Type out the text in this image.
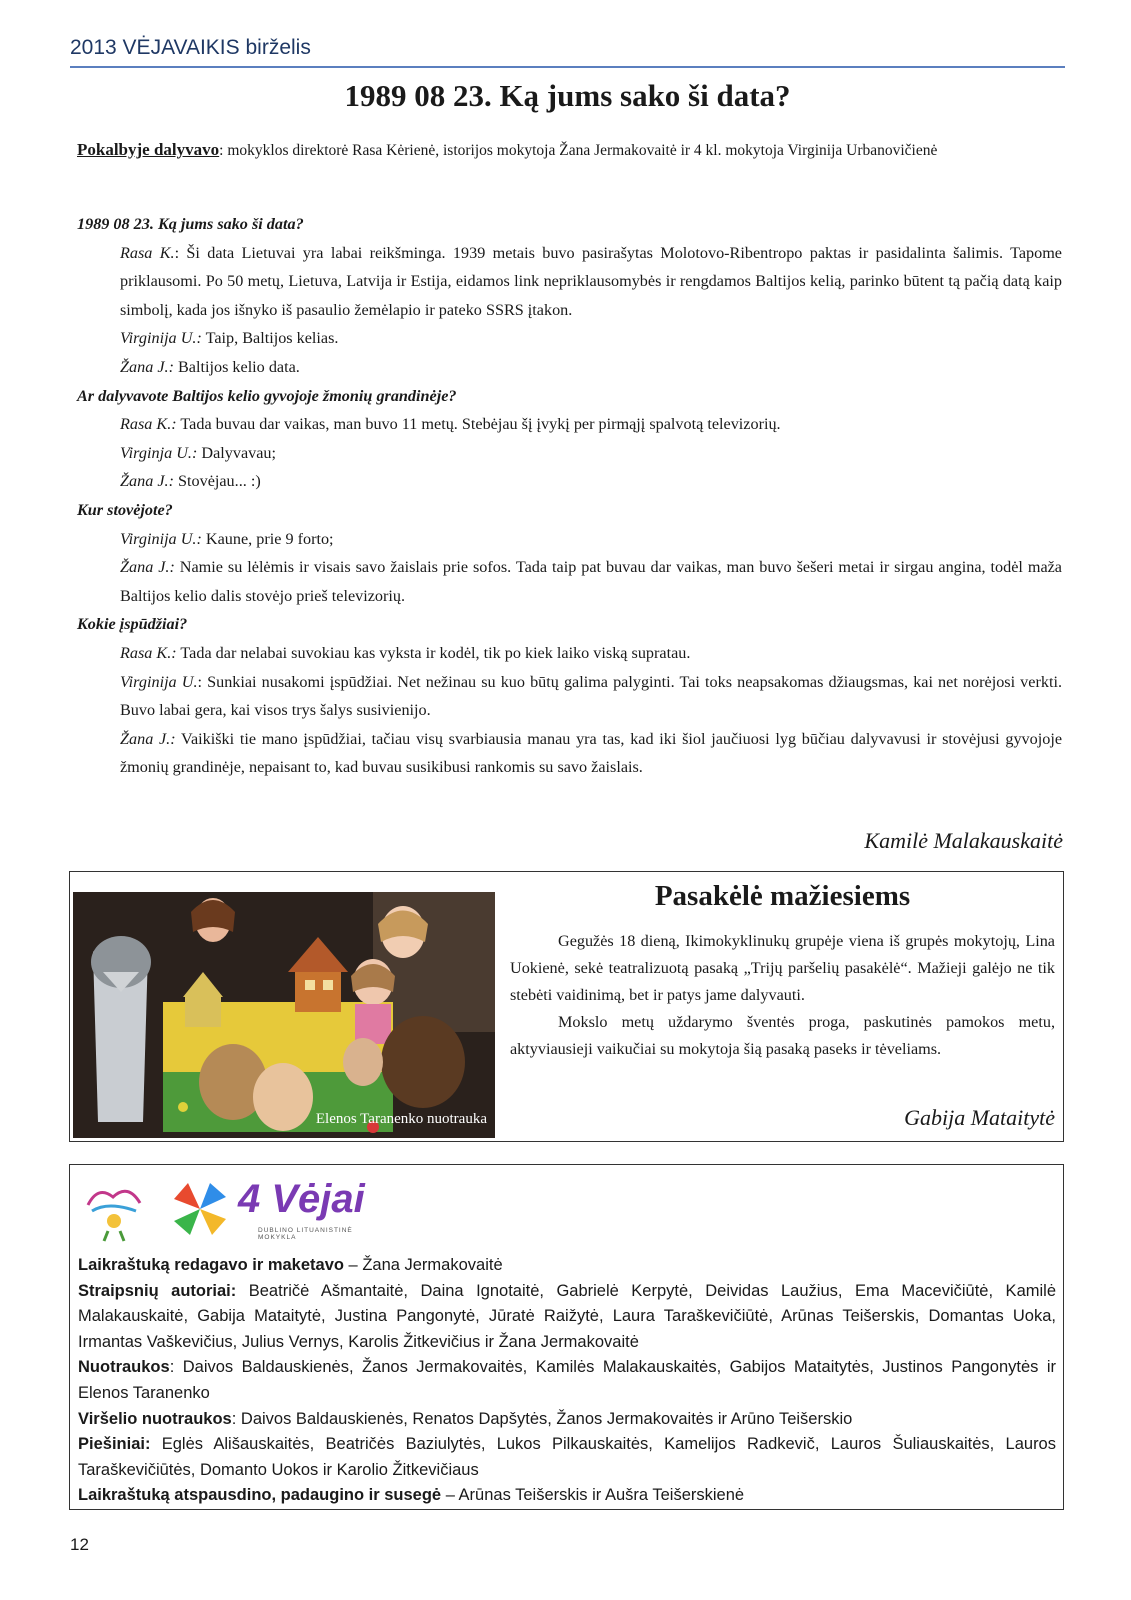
2013 VĖJAVAIKIS birželis
1989 08 23. Ką jums sako ši data?
Pokalbyje dalyvavo: mokyklos direktorė Rasa Kėrienė, istorijos mokytoja Žana Jermakovaitė ir 4 kl. mokytoja Virginija Urbanovičienė
1989 08 23. Ką jums sako ši data?
Rasa K.: Ši data Lietuvai yra labai reikšminga. 1939 metais buvo pasirašytas Molotovo-Ribentropo paktas ir pasidalinta šalimis. Tapome priklausomi. Po 50 metų, Lietuva, Latvija ir Estija, eidamos link nepriklausomybės ir rengdamos Baltijos kelią, parinko būtent tą pačią datą kaip simbolį, kada jos išnyko iš pasaulio žemėlapio ir pateko SSRS įtakon.
Virginija U.: Taip, Baltijos kelias.
Žana J.: Baltijos kelio data.
Ar dalyvavote Baltijos kelio gyvojoje žmonių grandinėje?
Rasa K.: Tada buvau dar vaikas, man buvo 11 metų. Stebėjau šį įvykį per pirmąjį spalvotą televizorių.
Virginja U.: Dalyvavau;
Žana J.: Stovėjau... :)
Kur stovėjote?
Virginija U.: Kaune, prie 9 forto;
Žana J.: Namie su lėlėmis ir visais savo žaislais prie sofos. Tada taip pat buvau dar vaikas, man buvo šešeri metai ir sirgau angina, todėl maža Baltijos kelio dalis stovėjo prieš televizorių.
Kokie įspūdžiai?
Rasa K.: Tada dar nelabai suvokiau kas vyksta ir kodėl, tik po kiek laiko viską supratau.
Virginija U.: Sunkiai nusakomi įspūdžiai. Net nežinau su kuo būtų galima palyginti. Tai toks neapsakomas džiaugsmas, kai net norėjosi verkti. Buvo labai gera, kai visos trys šalys susivienijo.
Žana J.: Vaikiški tie mano įspūdžiai, tačiau visų svarbiausia manau yra tas, kad iki šiol jaučiuosi lyg būčiau dalyvavusi ir stovėjusi gyvojoje žmonių grandinėje, nepaisant to, kad buvau susikibusi rankomis su savo žaislais.
Kamilė Malakauskaitė
Elenos Taranenko nuotrauka
Pasakėlė mažiesiems

Gegužės 18 dieną, Ikimokyklinukų grupėje viena iš grupės mokytojų, Lina Uokienė, sekė teatralizuotą pasaką „Trijų paršelių pasakėlė“. Mažieji galėjo ne tik stebėti vaidinimą, bet ir patys jame dalyvauti.

Mokslo metų uždarymo šventės proga, paskutinės pamokos metu, aktyviausieji vaikučiai su mokytoja šią pasaką paseks ir tėveliams.

Gabija Mataitytė
4 Vėjai
DUBLINO LITUANISTINĖ MOKYKLA
Laikraštuką redagavo ir maketavo – Žana Jermakovaitė
Straipsnių autoriai: Beatričė Ašmantaitė, Daina Ignotaitė, Gabrielė Kerpytė, Deividas Laužius, Ema Macevičiūtė, Kamilė Malakauskaitė, Gabija Mataitytė, Justina Pangonytė, Jūratė Raižytė, Laura Taraškevičiūtė, Arūnas Teišerskis, Domantas Uoka, Irmantas Vaškevičius, Julius Vernys, Karolis Žitkevičius ir Žana Jermakovaitė
Nuotraukos: Daivos Baldauskienės, Žanos Jermakovaitės, Kamilės Malakauskaitės, Gabijos Mataitytės, Justinos Pangonytės ir Elenos Taranenko
Viršelio nuotraukos: Daivos Baldauskienės, Renatos Dapšytės, Žanos Jermakovaitės ir Arūno Teišerskio
Piešiniai: Eglės Ališauskaitės, Beatričės Baziulytės, Lukos Pilkauskaitės, Kamelijos Radkevič, Lauros Šuliauskaitės, Lauros Taraškevičiūtės, Domanto Uokos ir Karolio Žitkevičiaus
Laikraštuką atspausdino, padaugino ir susegė – Arūnas Teišerskis ir Aušra Teišerskienė
12
